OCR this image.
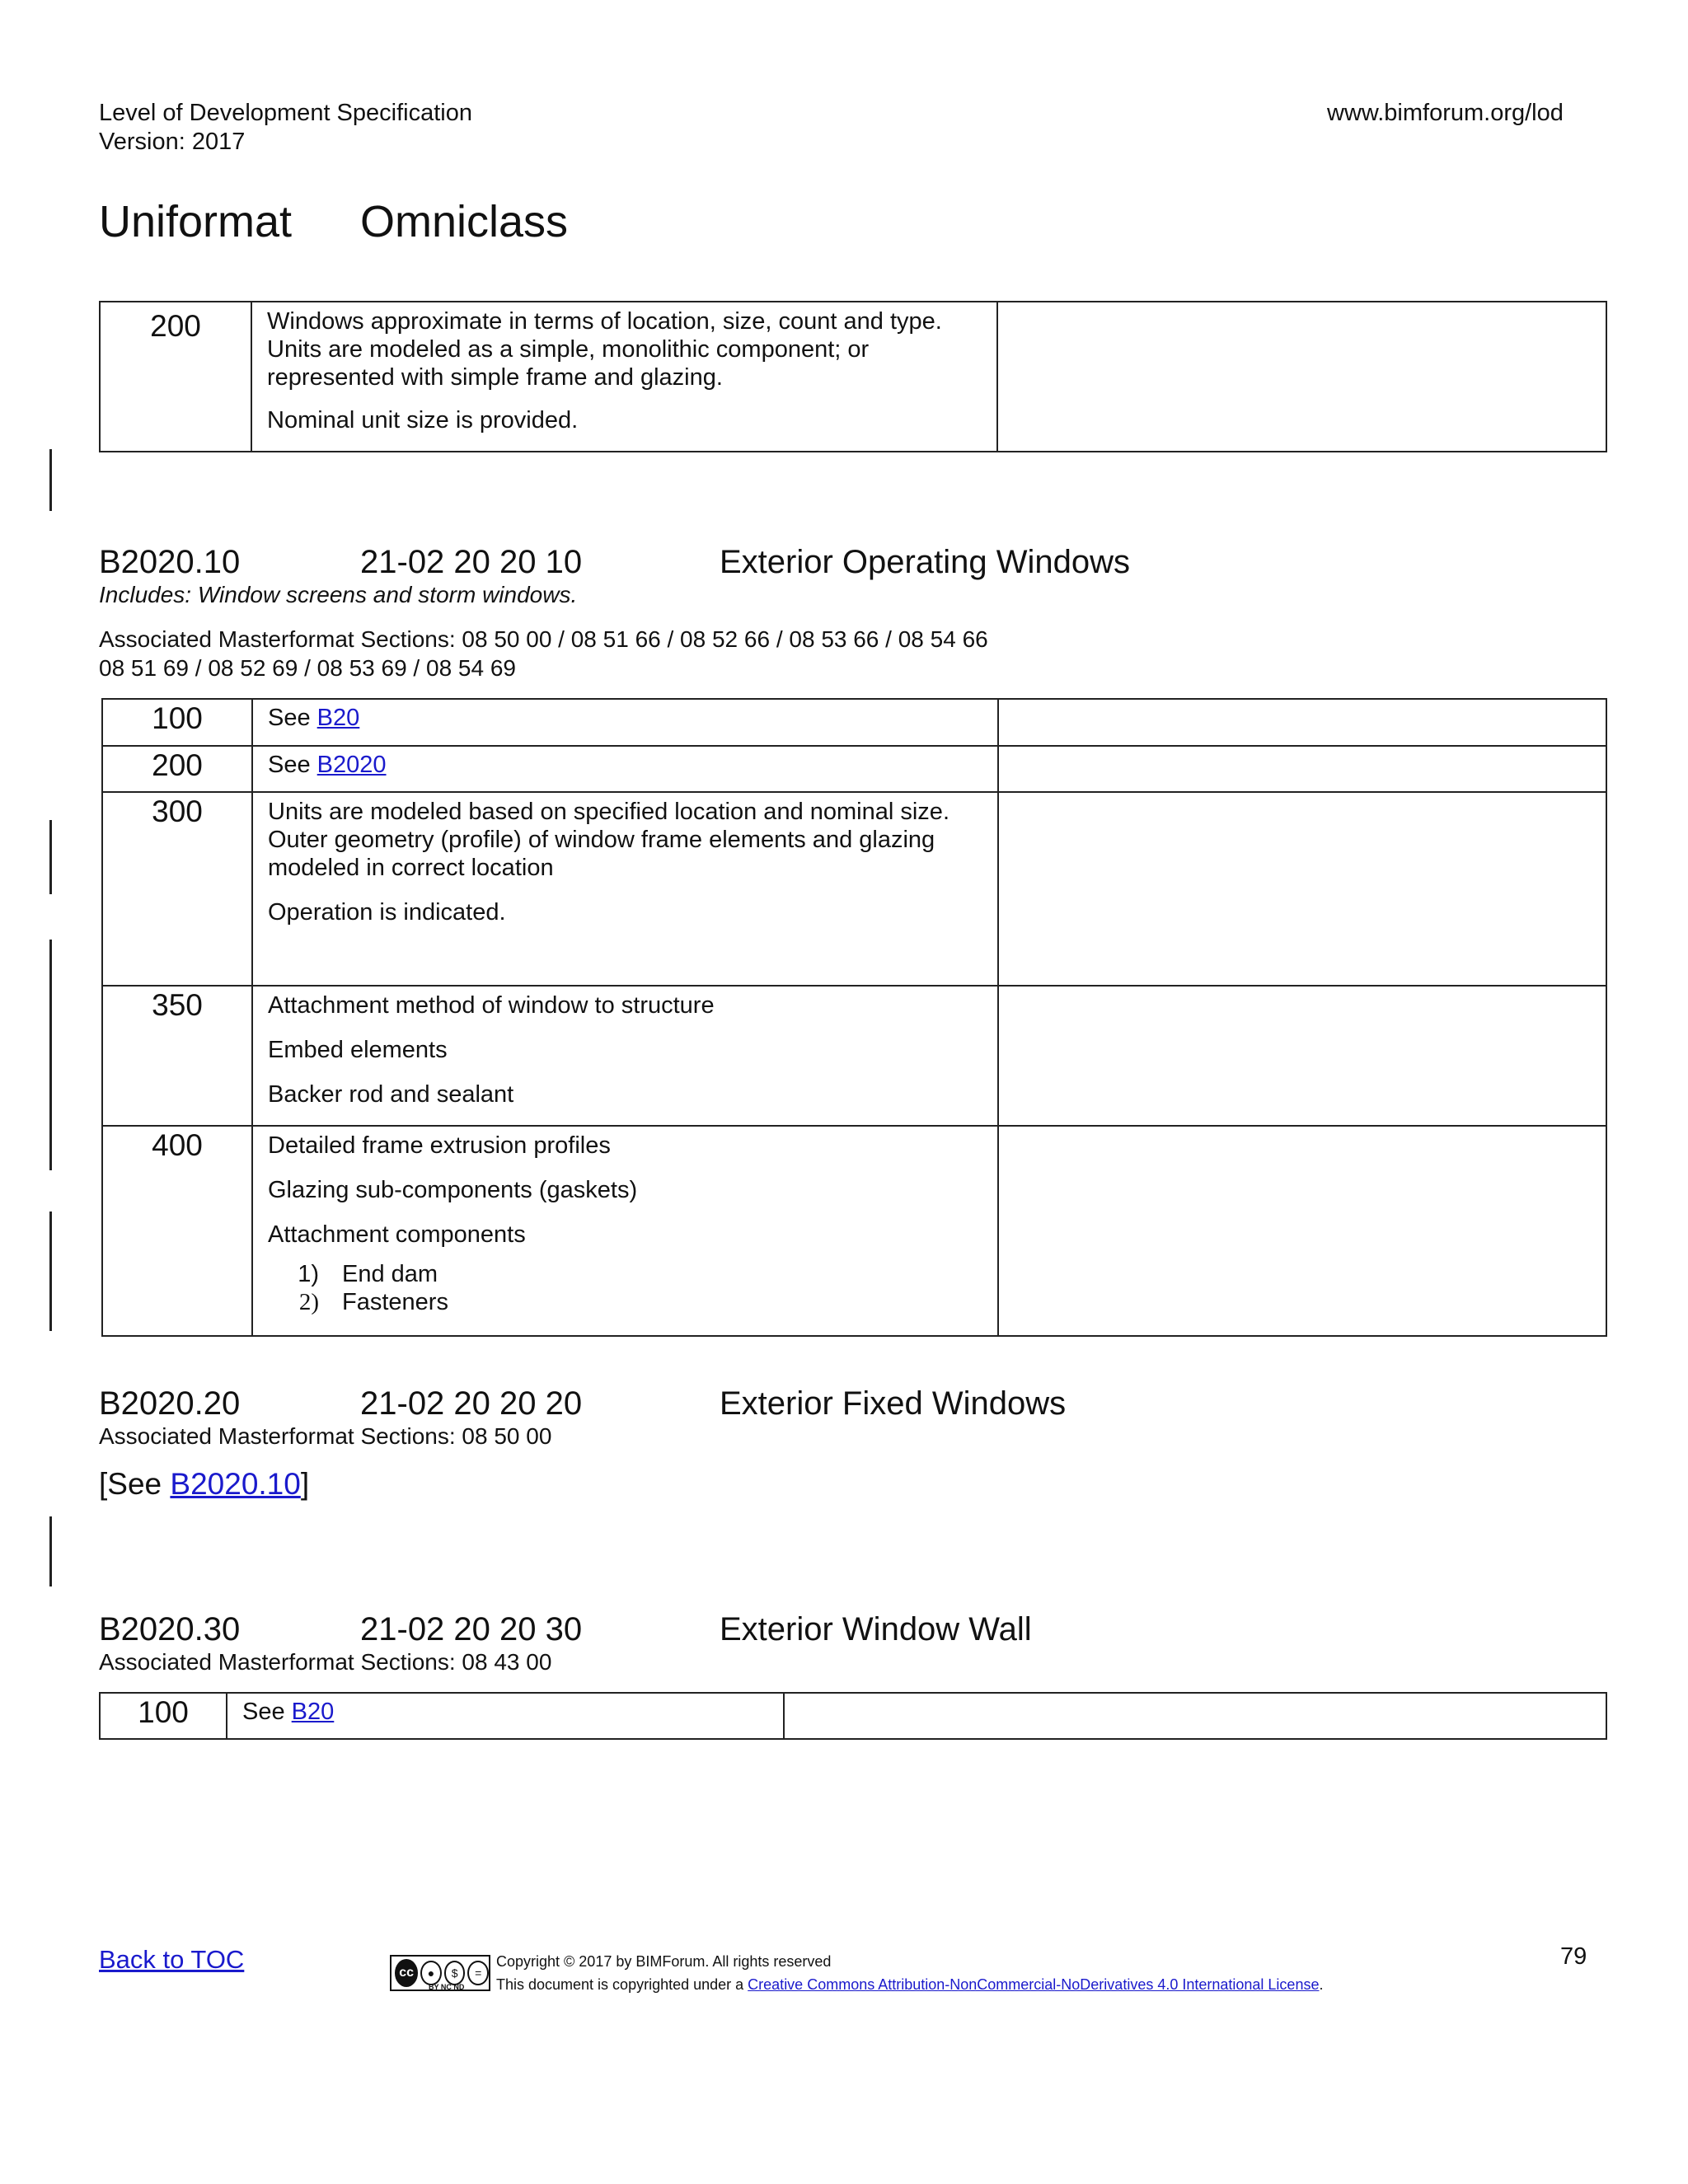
Level of Development Specification
Version: 2017
www.bimforum.org/lod
Uniformat Omniclass
200	Windows approximate in terms of location, size, count and type. Units are modeled as a simple, monolithic component; or represented with simple frame and glazing.

Nominal unit size is provided.

B2020.10	21-02 20 20 10	Exterior Operating Windows
Includes: Window screens and storm windows.
Associated Masterformat Sections: 08 50 00 / 08 51 66 / 08 52 66 / 08 53 66 / 08 54 66
08 51 69 / 08 52 69 / 08 53 69 / 08 54 69
100	See B20	
200	See B2020	
300	Units are modeled based on specified location and nominal size. Outer geometry (profile) of window frame elements and glazing modeled in correct location

Operation is indicated.	

350	Attachment method of window to structure

Embed elements

Backer rod and sealant	

400	Detailed frame extrusion profiles

Glazing sub-components (gaskets)

Attachment components

1) End dam
2) Fasteners	

B2020.20	21-02 20 20 20	Exterior Fixed Windows
Associated Masterformat Sections: 08 50 00
[See B2020.10]
B2020.30	21-02 20 20 30	Exterior Window Wall
Associated Masterformat Sections: 08 43 00
100	See B20	
Back to TOC	cc	●	$	=
BY NC ND
Copyright © 2017 by BIMForum. All rights reserved
This document is copyrighted under a Creative Commons Attribution-NonCommercial-NoDerivatives 4.0 International License.
79
